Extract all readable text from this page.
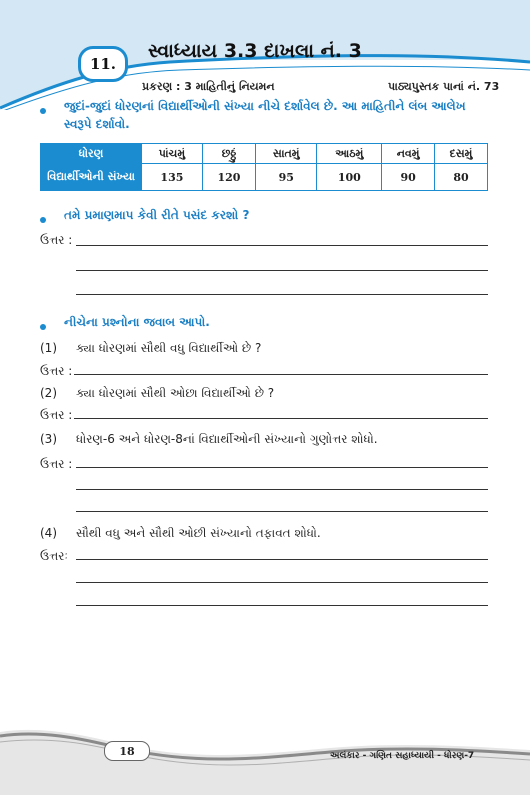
11.
સ્વાધ્યાય 3.3 દાખલા નં. 3
પ્રકરણ : 3 માહિતીનું નિયમન	પાઠ્યપુસ્તક પાનાં નં. 73
જુદાં-જુદાં ધોરણનાં વિદ્યાર્થીઓની સંખ્યા નીચે દર્શાવેલ છે. આ માહિતીને લંબ આલેખ
સ્વરૂપે દર્શાવો.
ધોરણ	પાંચમું	છઠ્ઠું	સાતમું	આઠમું	નવમું	દસમું
વિદ્યાર્થીઓની સંખ્યા	135	120	95	100	90	80
તમે પ્રમાણમાપ કેવી રીતે પસંદ કરશો ?
ઉત્તર :
નીચેના પ્રશ્નોના જવાબ આપો.
(1) ક્યા ધોરણમાં સૌથી વધુ વિદ્યાર્થીઓ છે ?
ઉત્તર :
(2) ક્યા ધોરણમાં સૌથી ઓછા વિદ્યાર્થીઓ છે ?
ઉત્તર :
(3) ધોરણ-6 અને ધોરણ-8નાં વિદ્યાર્થીઓની સંખ્યાનો ગુણોત્તર શોધો.
ઉત્તર :
(4) સૌથી વધુ અને સૌથી ઓછી સંખ્યાનો તફાવત શોધો.
ઉત્તરઃ
18	અલંકાર - ગણિત સહાધ્યાયી - ધોરણ-7
